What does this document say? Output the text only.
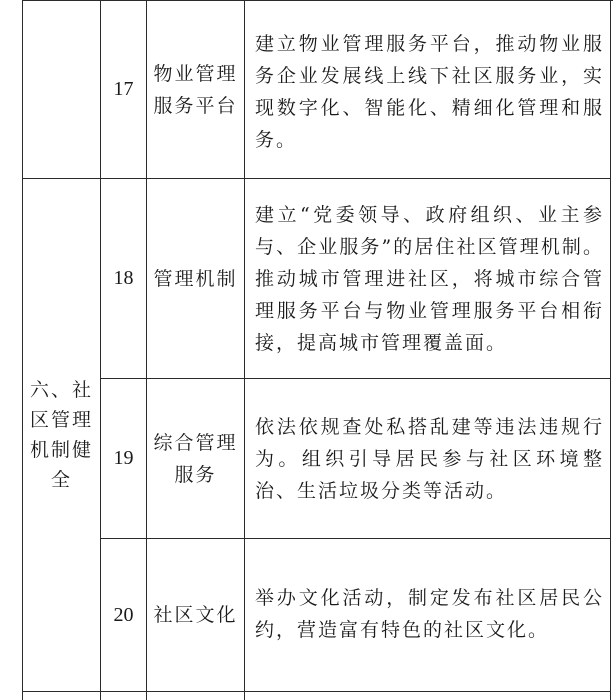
六、社区管理机制健全
17
物业管理服务平台
建立物业管理服务平台，推动物业服务企业发展线上线下社区服务业，实现数字化、智能化、精细化管理和服务。
18 管理机制
建立“党委领导、政府组织、业主参与、企业服务”的居住社区管理机制。推动城市管理进社区，将城市综合管理服务平台与物业管理服务平台相衔接，提高城市管理覆盖面。
19
综合管理服务
依法依规查处私搭乱建等违法违规行为。组织引导居民参与社区环境整治、生活垃圾分类等活动。
20 社区文化
举办文化活动，制定发布社区居民公约，营造富有特色的社区文化。
